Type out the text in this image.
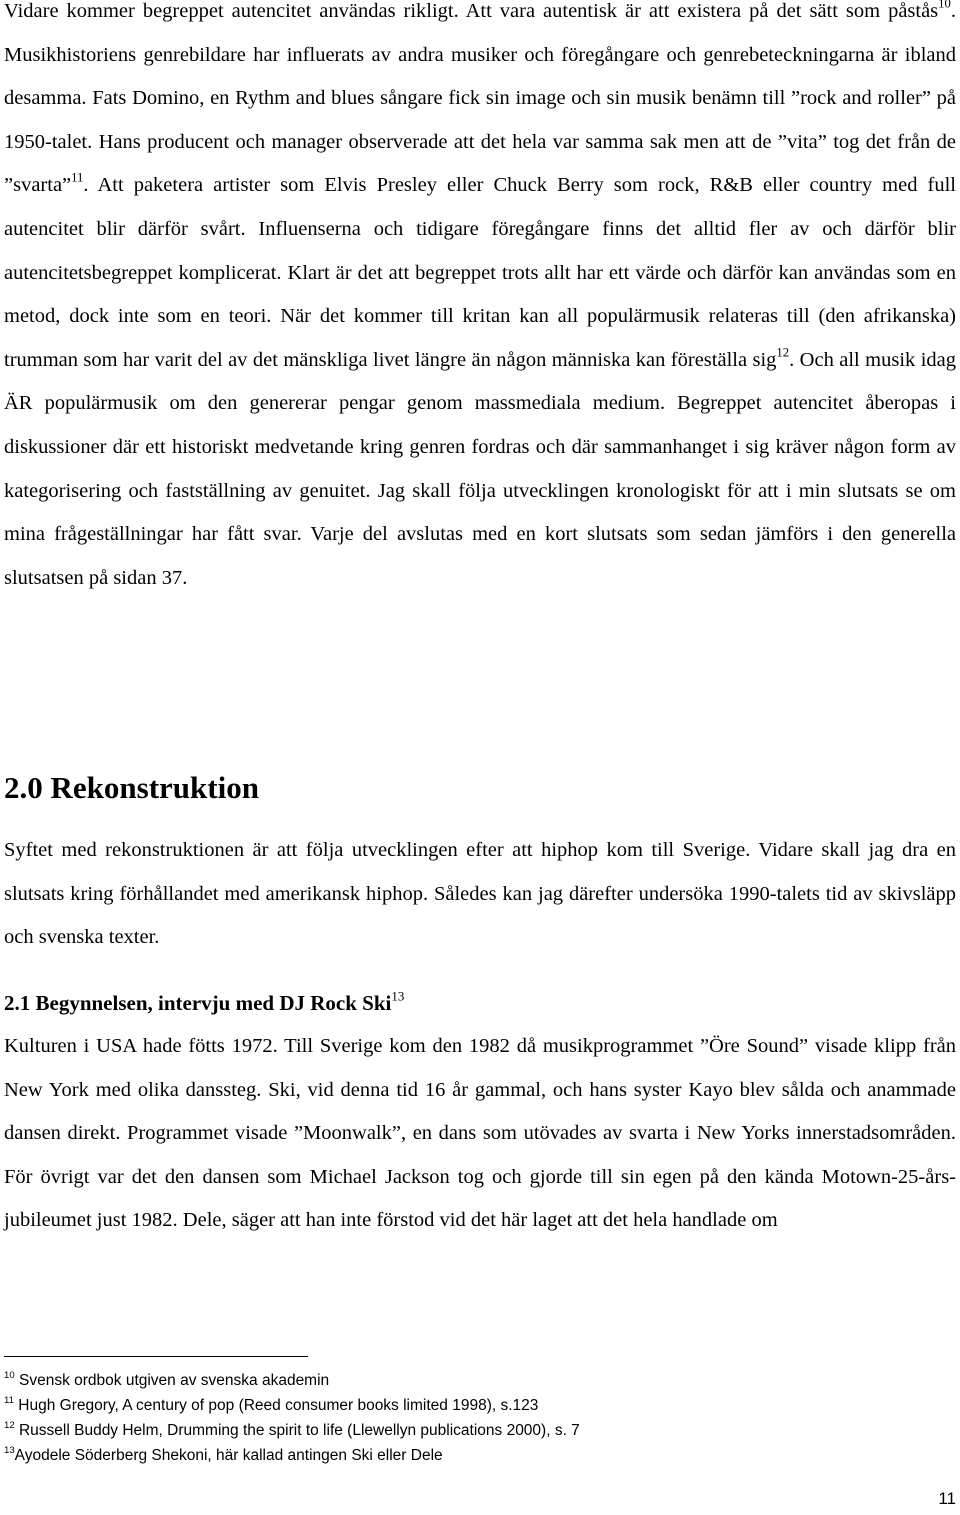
Vidare kommer begreppet autencitet användas rikligt. Att vara autentisk är att existera på det sätt som påstås$^{10}$. Musikhistoriens genrebildare har influerats av andra musiker och föregångare och genrebeteckningarna är ibland desamma. Fats Domino, en Rythm and blues sångare fick sin image och sin musik benämn till ”rock and roller” på 1950-talet. Hans producent och manager observerade att det hela var samma sak men att de ”vita” tog det från de ”svarta”$^{11}$. Att paketera artister som Elvis Presley eller Chuck Berry som rock, R&B eller country med full autencitet blir därför svårt. Influenserna och tidigare föregångare finns det alltid fler av och därför blir autencitetsbegreppet komplicerat. Klart är det att begreppet trots allt har ett värde och därför kan användas som en metod, dock inte som en teori. När det kommer till kritan kan all populärmusik relateras till (den afrikanska) trumman som har varit del av det mänskliga livet längre än någon människa kan föreställa sig$^{12}$. Och all musik idag ÄR populärmusik om den genererar pengar genom massmediala medium. Begreppet autencitet åberopas i diskussioner där ett historiskt medvetande kring genren fordras och där sammanhanget i sig kräver någon form av kategorisering och fastställning av genuitet. Jag skall följa utvecklingen kronologiskt för att i min slutsats se om mina frågeställningar har fått svar. Varje del avslutas med en kort slutsats som sedan jämförs i den generella slutsatsen på sidan 37.

2.0 Rekonstruktion

Syftet med rekonstruktionen är att följa utvecklingen efter att hiphop kom till Sverige. Vidare skall jag dra en slutsats kring förhållandet med amerikansk hiphop. Således kan jag därefter undersöka 1990-talets tid av skivsläpp och svenska texter.

2.1 Begynnelsen, intervju med DJ Rock Ski$^{13}$

Kulturen i USA hade fötts 1972. Till Sverige kom den 1982 då musikprogrammet ”Öre Sound” visade klipp från New York med olika danssteg. Ski, vid denna tid 16 år gammal, och hans syster Kayo blev sålda och anammade dansen direkt. Programmet visade ”Moonwalk”, en dans som utövades av svarta i New Yorks innerstadsområden. För övrigt var det den dansen som Michael Jackson tog och gjorde till sin egen på den kända Motown-25-års-jubileumet just 1982. Dele, säger att han inte förstod vid det här laget att det hela handlade om

$^{10}$ Svensk ordbok utgiven av svenska akademin
$^{11}$ Hugh Gregory, A century of pop (Reed consumer books limited 1998), s.123
$^{12}$ Russell Buddy Helm, Drumming the spirit to life (Llewellyn publications 2000), s. 7
$^{13}$Ayodele Söderberg Shekoni, här kallad antingen Ski eller Dele
11
